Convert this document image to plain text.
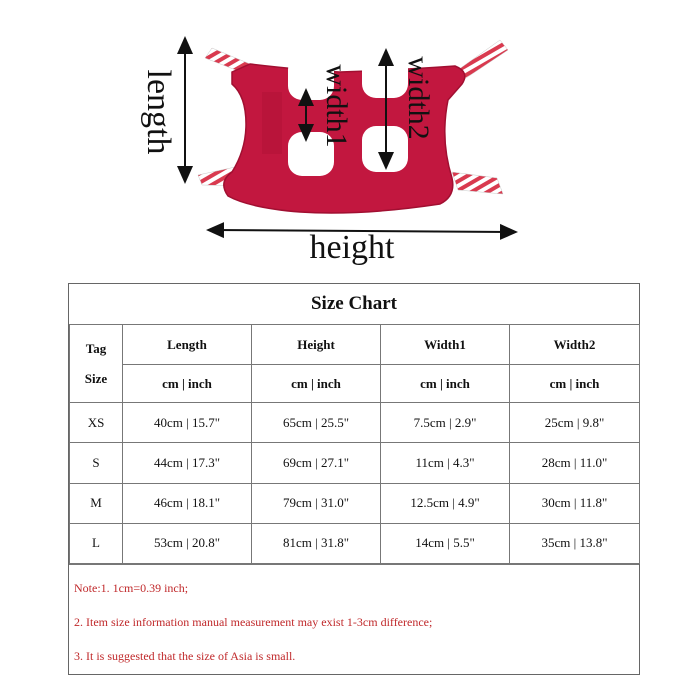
length	width1 width2
height
Size Chart
Tag
Size	Length	Height	Width1	Width2
	cm | inch	cm | inch	cm | inch	cm | inch
XS	40cm | 15.7"	65cm | 25.5"	7.5cm | 2.9"	25cm | 9.8"
S	44cm | 17.3"	69cm | 27.1"	11cm | 4.3"	28cm | 11.0"
M	46cm | 18.1"	79cm | 31.0"	12.5cm | 4.9"	30cm | 11.8"
L	53cm | 20.8"	81cm | 31.8"	14cm | 5.5"	35cm | 13.8"
Note:1. 1cm=0.39 inch;
2. Item size information manual measurement may exist 1-3cm difference;
3. It is suggested that the size of Asia is small.
